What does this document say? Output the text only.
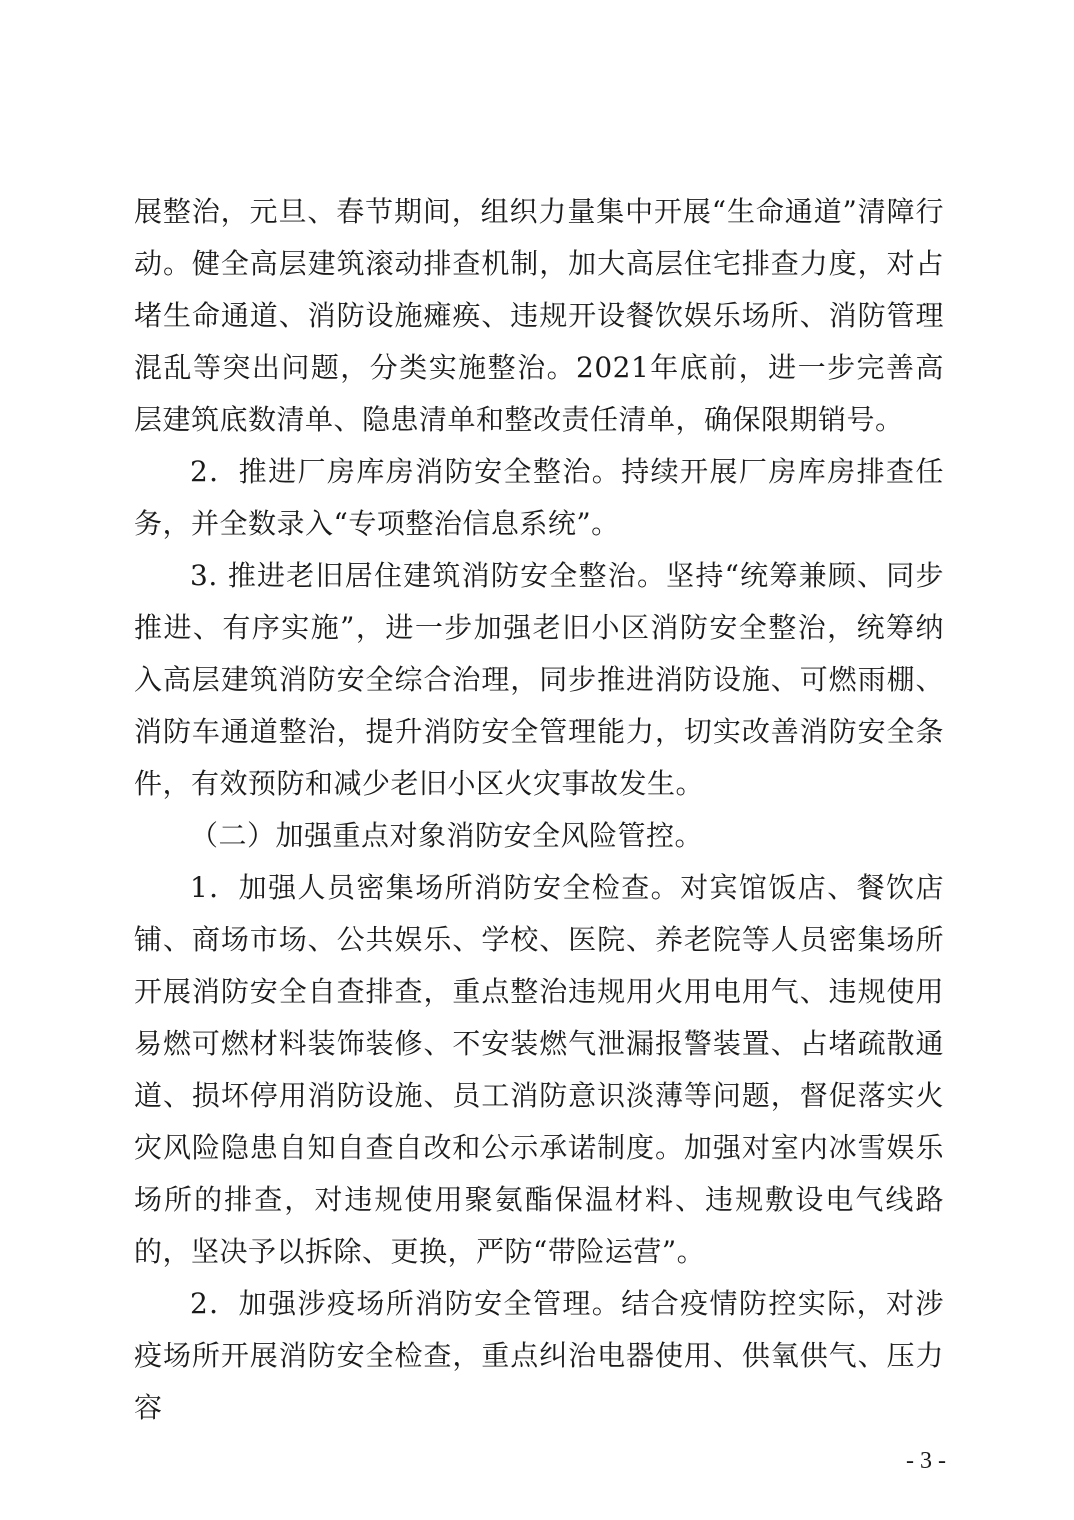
展整治，元旦、春节期间，组织力量集中开展“生命通道”清障行动。健全高层建筑滚动排查机制，加大高层住宅排查力度，对占堵生命通道、消防设施瘫痪、违规开设餐饮娱乐场所、消防管理混乱等突出问题，分类实施整治。2021年底前，进一步完善高层建筑底数清单、隐患清单和整改责任清单，确保限期销号。

2．推进厂房库房消防安全整治。持续开展厂房库房排查任务，并全数录入“专项整治信息系统”。

3. 推进老旧居住建筑消防安全整治。坚持“统筹兼顾、同步推进、有序实施”，进一步加强老旧小区消防安全整治，统筹纳入高层建筑消防安全综合治理，同步推进消防设施、可燃雨棚、消防车通道整治，提升消防安全管理能力，切实改善消防安全条件，有效预防和减少老旧小区火灾事故发生。

（二）加强重点对象消防安全风险管控。

1．加强人员密集场所消防安全检查。对宾馆饭店、餐饮店铺、商场市场、公共娱乐、学校、医院、养老院等人员密集场所开展消防安全自查排查，重点整治违规用火用电用气、违规使用易燃可燃材料装饰装修、不安装燃气泄漏报警装置、占堵疏散通道、损坏停用消防设施、员工消防意识淡薄等问题，督促落实火灾风险隐患自知自查自改和公示承诺制度。加强对室内冰雪娱乐场所的排查，对违规使用聚氨酯保温材料、违规敷设电气线路的，坚决予以拆除、更换，严防“带险运营”。

2．加强涉疫场所消防安全管理。结合疫情防控实际，对涉疫场所开展消防安全检查，重点纠治电器使用、供氧供气、压力容

- 3 -
